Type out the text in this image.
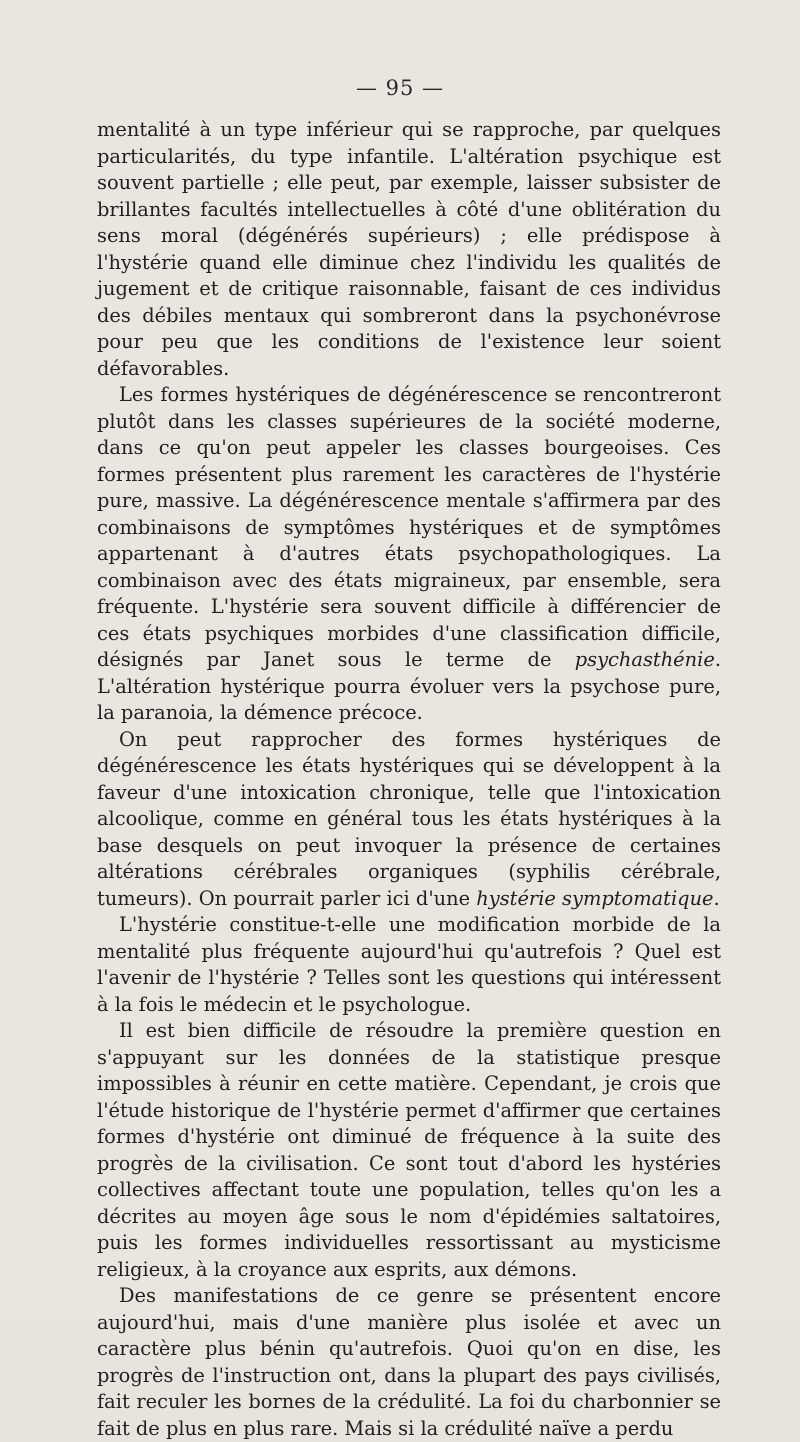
— 95 —

mentalité à un type inférieur qui se rapproche, par quelques particularités, du type infantile. L'altération psychique est souvent partielle ; elle peut, par exemple, laisser subsister de brillantes facultés intellectuelles à côté d'une oblitération du sens moral (dégénérés supérieurs) ; elle prédispose à l'hystérie quand elle diminue chez l'individu les qualités de jugement et de critique raisonnable, faisant de ces individus des débiles mentaux qui sombreront dans la psychonévrose pour peu que les conditions de l'existence leur soient défavorables.

Les formes hystériques de dégénérescence se rencontreront plutôt dans les classes supérieures de la société moderne, dans ce qu'on peut appeler les classes bourgeoises. Ces formes présentent plus rarement les caractères de l'hystérie pure, massive. La dégénérescence mentale s'affirmera par des combinaisons de symptômes hystériques et de symptômes appartenant à d'autres états psychopathologiques. La combinaison avec des états migraineux, par ensemble, sera fréquente. L'hystérie sera souvent difficile à différencier de ces états psychiques morbides d'une classification difficile, désignés par Janet sous le terme de psychasthénie. L'altération hystérique pourra évoluer vers la psychose pure, la paranoia, la démence précoce.

On peut rapprocher des formes hystériques de dégénérescence les états hystériques qui se développent à la faveur d'une intoxication chronique, telle que l'intoxication alcoolique, comme en général tous les états hystériques à la base desquels on peut invoquer la présence de certaines altérations cérébrales organiques (syphilis cérébrale, tumeurs). On pourrait parler ici d'une hystérie symptomatique.

L'hystérie constitue-t-elle une modification morbide de la mentalité plus fréquente aujourd'hui qu'autrefois ? Quel est l'avenir de l'hystérie ? Telles sont les questions qui intéressent à la fois le médecin et le psychologue.

Il est bien difficile de résoudre la première question en s'appuyant sur les données de la statistique presque impossibles à réunir en cette matière. Cependant, je crois que l'étude historique de l'hystérie permet d'affirmer que certaines formes d'hystérie ont diminué de fréquence à la suite des progrès de la civilisation. Ce sont tout d'abord les hystéries collectives affectant toute une population, telles qu'on les a décrites au moyen âge sous le nom d'épidémies saltatoires, puis les formes individuelles ressortissant au mysticisme religieux, à la croyance aux esprits, aux démons.

Des manifestations de ce genre se présentent encore aujourd'hui, mais d'une manière plus isolée et avec un caractère plus bénin qu'autrefois. Quoi qu'on en dise, les progrès de l'instruction ont, dans la plupart des pays civilisés, fait reculer les bornes de la crédulité. La foi du charbonnier se fait de plus en plus rare. Mais si la crédulité naïve a perdu
